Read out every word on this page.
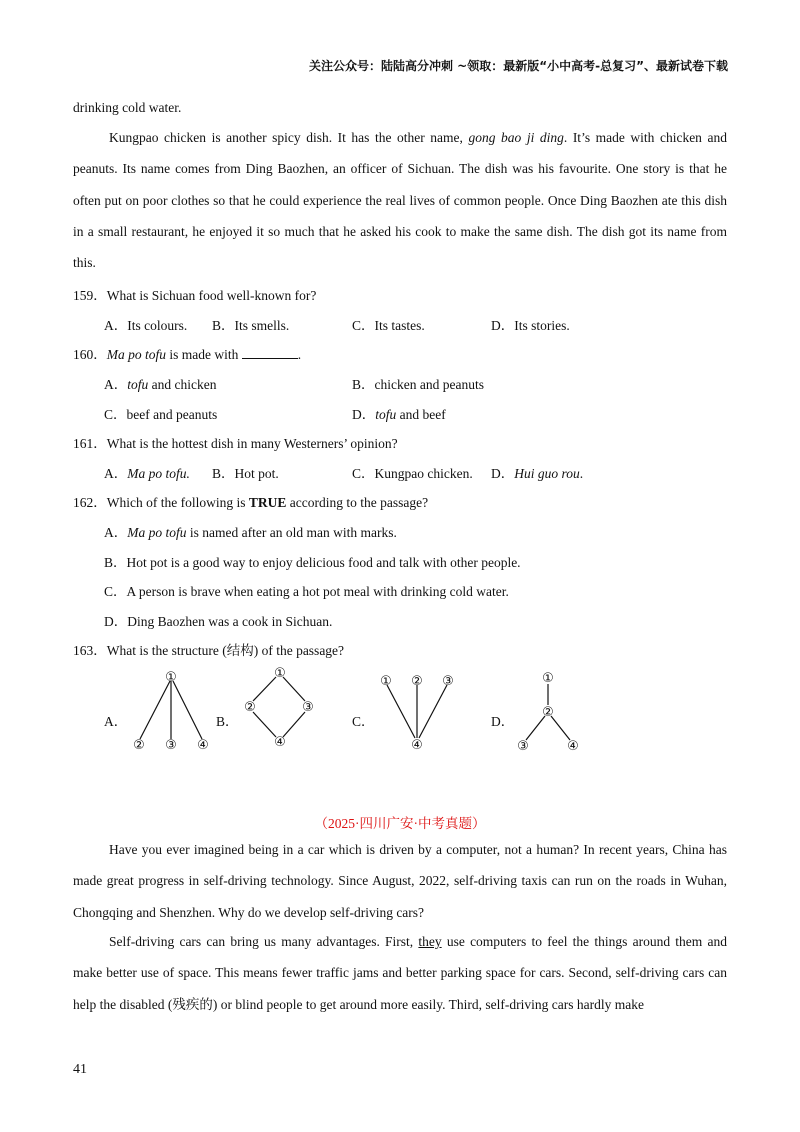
关注公众号：陆陆高分冲刺 ~领取：最新版“小中高考-总复习”、最新试卷下载
drinking cold water.
Kungpao chicken is another spicy dish. It has the other name, gong bao ji ding. It’s made with chicken and peanuts. Its name comes from Ding Baozhen, an officer of Sichuan. The dish was his favourite. One story is that he often put on poor clothes so that he could experience the real lives of common people. Once Ding Baozhen ate this dish in a small restaurant, he enjoyed it so much that he asked his cook to make the same dish. The dish got its name from this.
159．What is Sichuan food well-known for?
A．Its colours. B．Its smells.	C．Its tastes.	D．Its stories.
160．Ma po tofu is made with	.
A．tofu and chicken	B．chicken and peanuts
C．beef and peanuts	D．tofu and beef
161．What is the hottest dish in many Westerners’ opinion?
A．Ma po tofu. B．Hot pot.	C．Kungpao chicken. D．Hui guo rou.
162．Which of the following is TRUE according to the passage?
A．Ma po tofu is named after an old man with marks.
B．Hot pot is a good way to enjoy delicious food and talk with other people.
C．A person is brave when eating a hot pot meal with drinking cold water.
D．Ding Baozhen was a cook in Sichuan.
163．What is the structure (结构) of the passage?
A．	B．	C．	D．
①
② ③ ④
①
②	③
④
① ② ③
④
①
②
③	④
（2025·四川广安·中考真题）
Have you ever imagined being in a car which is driven by a computer, not a human? In recent years, China has made great progress in self-driving technology. Since August, 2022, self-driving taxis can run on the roads in Wuhan, Chongqing and Shenzhen. Why do we develop self-driving cars?
Self-driving cars can bring us many advantages. First, they use computers to feel the things around them and make better use of space. This means fewer traffic jams and better parking space for cars. Second, self-driving cars can help the disabled (残疾的) or blind people to get around more easily. Third, self-driving cars hardly make
41
